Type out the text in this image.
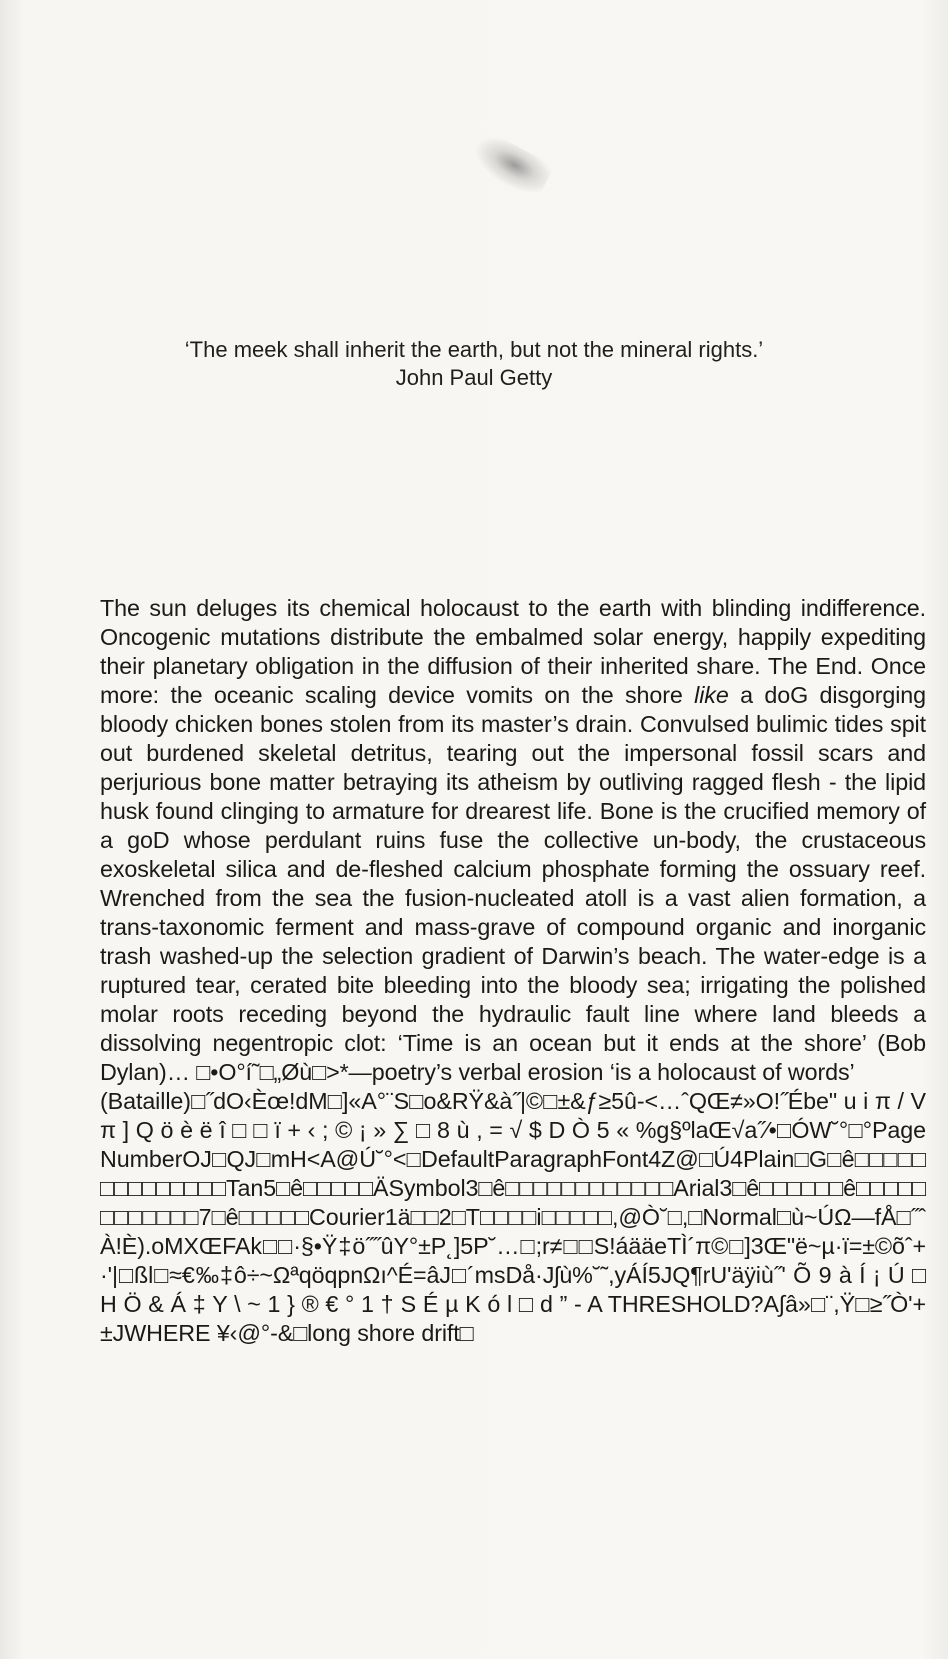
‘The meek shall inherit the earth, but not the mineral rights.’
John Paul Getty

The sun deluges its chemical holocaust to the earth with blinding indifference. Oncogenic mutations distribute the embalmed solar energy, happily expediting their planetary obligation in the diffusion of their inherited share. The End. Once more: the oceanic scaling device vomits on the shore like a doG disgorging bloody chicken bones stolen from its master’s drain. Convulsed bulimic tides spit out burdened skeletal detritus, tearing out the impersonal fossil scars and perjurious bone matter betraying its atheism by outliving ragged flesh - the lipid husk found clinging to armature for drearest life. Bone is the crucified memory of a goD whose perdulant ruins fuse the collective un-body, the crustaceous exoskeletal silica and de-fleshed calcium phosphate forming the ossuary reef. Wrenched from the sea the fusion-nucleated atoll is a vast alien formation, a trans-taxonomic ferment and mass-grave of compound organic and inorganic trash washed-up the selection gradient of Darwin’s beach. The water-edge is a ruptured tear, cerated bite bleeding into the bloody sea; irrigating the polished molar roots receding beyond the hydraulic fault line where land bleeds a dissolving negentropic clot: ‘Time is an ocean but it ends at the shore’ (Bob Dylan)… □•O°í˜□„Øù□>*—poetry’s verbal erosion ‘is a holocaust of words’

(Bataille)□˝dO‹Èœ!dM□]«A°¨S□o&RŸ&à˝|©□±&ƒ≥5û-<…ˆQŒ≠»O!˝Ébe" u i π / V π ] Q ö è ë î □ □ ï + ‹ ; © ¡ » ∑ □ 8 ù , = √ $ D Ò 5 « %g§ºlaŒ√a˝⁄•□ÓW˘°□°PageNumberOJ□QJ□mH<A@Ú˘°<□DefaultParagraphFont4Z@□Ú4Plain□G□ê□□□□□□□□□□□□□□Tan5□ê□□□□□ÄSymbol3□ê□□□□□□□□□□□□Arial3□ê□□□□□□ê□□□□□□□□□□□□7□ê□□□□□Courier1ä□□2□T□□□□i□□□□□,@Ò˘□,□Normal□ù~ÚΩ—fÅ□˝ˆÀ!È).oMXŒFAk□□·§•Ÿ‡ö˝˝ûY°±P˛]5P˘…□;r≠□□S!áääeTÌ´π©□]3Œ"ë~µ·ï=±©õˆ+·'|□ßl□≈€‰‡ô÷~ΩªqöqpnΩı^É=âJ□´msDå·Jʃù%˘˜,yÁÍ5JQ¶rU'äÿiù˝' Õ 9 à Í ¡ Ú □ H Ö & Á ‡ Y \ ~ 1 } ® € ° 1 † S É µ K ó l □ d ” - A THRESHOLD?A∫â»□¨,Ÿ□≥˝Ò'+±JWHERE ¥‹@°-&□long shore drift□
